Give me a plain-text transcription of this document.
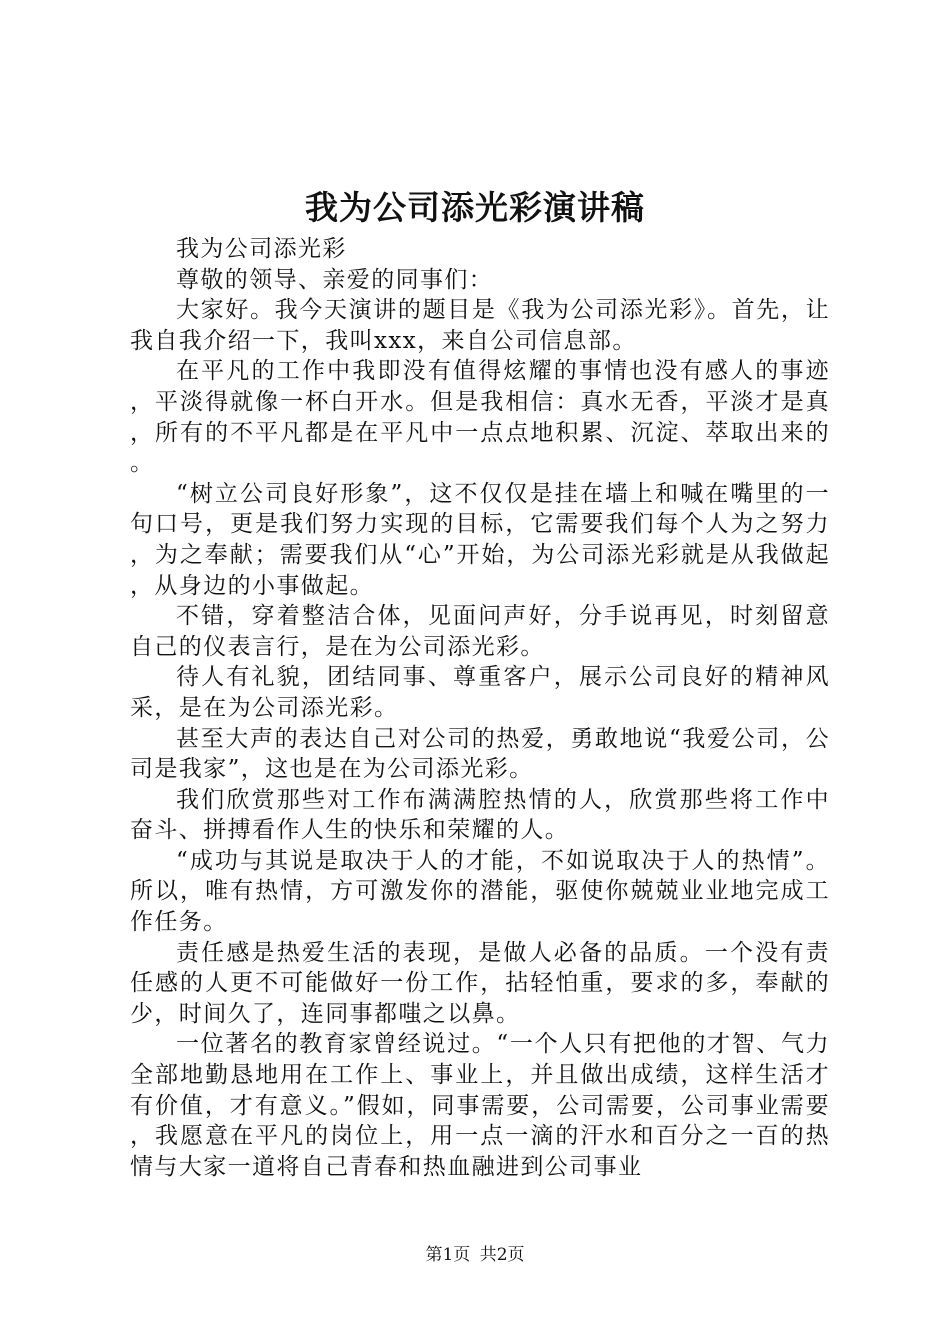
我为公司添光彩演讲稿

我为公司添光彩

尊敬的领导、亲爱的同事们：

大家好。我今天演讲的题目是《我为公司添光彩》。首先，让我自我介绍一下，我叫xxx，来自公司信息部。

在平凡的工作中我即没有值得炫耀的事情也没有感人的事迹，平淡得就像一杯白开水。但是我相信：真水无香，平淡才是真，所有的不平凡都是在平凡中一点点地积累、沉淀、萃取出来的。

“树立公司良好形象”，这不仅仅是挂在墙上和喊在嘴里的一句口号，更是我们努力实现的目标，它需要我们每个人为之努力，为之奉献；需要我们从“心”开始，为公司添光彩就是从我做起，从身边的小事做起。

不错，穿着整洁合体，见面问声好，分手说再见，时刻留意自己的仪表言行，是在为公司添光彩。

待人有礼貌，团结同事、尊重客户，展示公司良好的精神风采，是在为公司添光彩。

甚至大声的表达自己对公司的热爱，勇敢地说“我爱公司，公司是我家”，这也是在为公司添光彩。

我们欣赏那些对工作布满满腔热情的人，欣赏那些将工作中奋斗、拼搏看作人生的快乐和荣耀的人。

“成功与其说是取决于人的才能，不如说取决于人的热情”。所以，唯有热情，方可激发你的潜能，驱使你兢兢业业地完成工作任务。

责任感是热爱生活的表现，是做人必备的品质。一个没有责任感的人更不可能做好一份工作，拈轻怕重，要求的多，奉献的少，时间久了，连同事都嗤之以鼻。

一位著名的教育家曾经说过。“一个人只有把他的才智、气力全部地勤恳地用在工作上、事业上，并且做出成绩，这样生活才有价值，才有意义。”假如，同事需要，公司需要，公司事业需要，我愿意在平凡的岗位上，用一点一滴的汗水和百分之一百的热情与大家一道将自己青春和热血融进到公司事业

第1页 共2页
